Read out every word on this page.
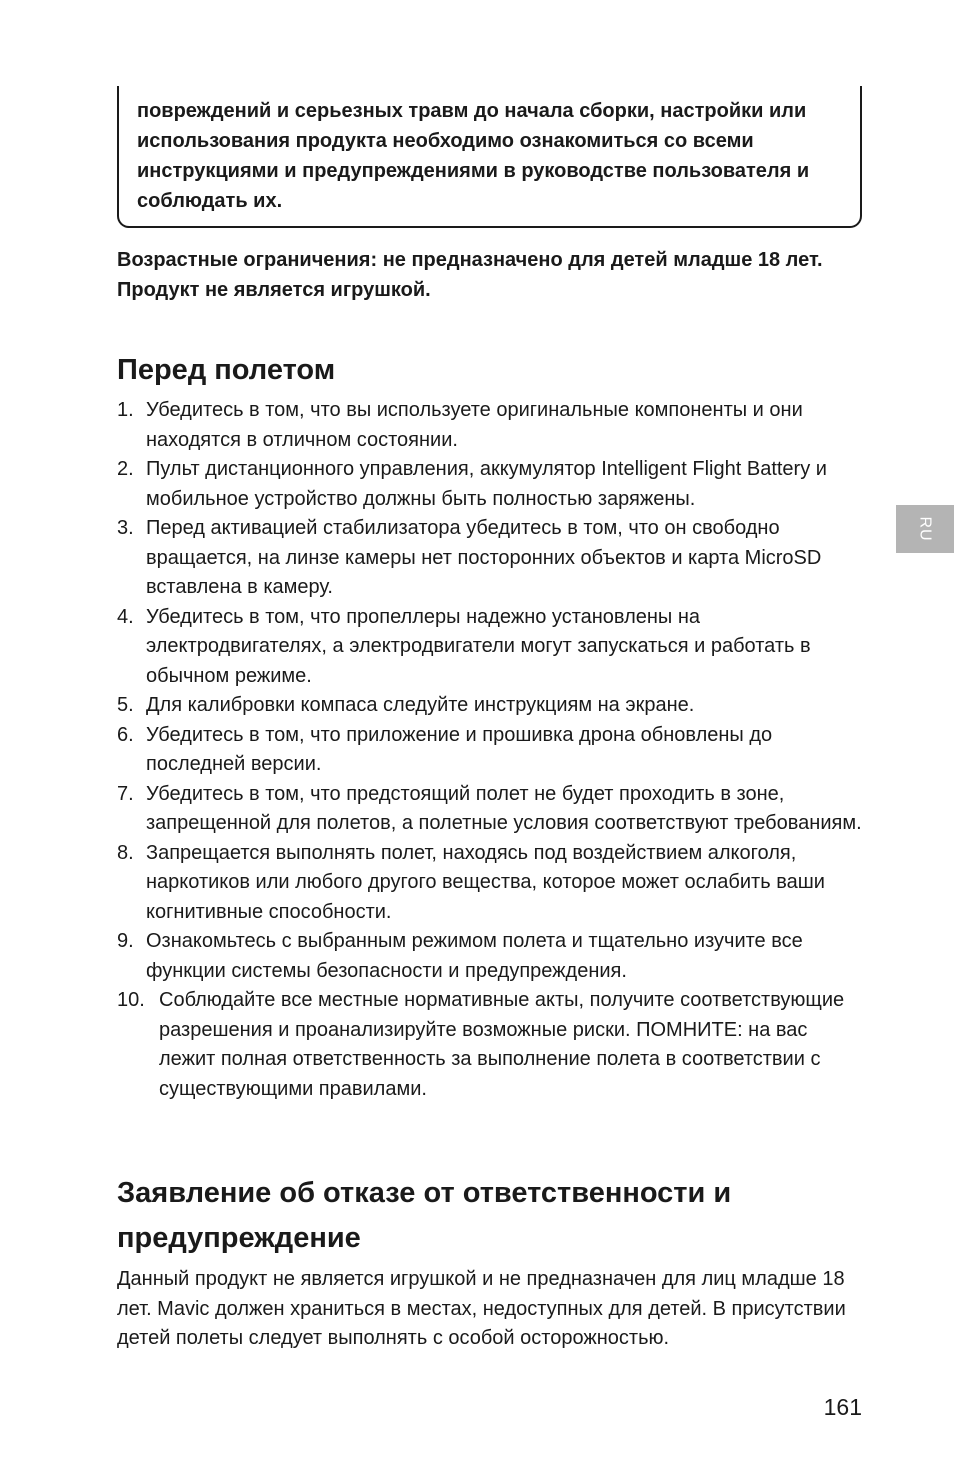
повреждений и серьезных травм до начала сборки, настройки или использования продукта необходимо ознакомиться со всеми инструкциями и предупреждениями в руководстве пользователя и соблюдать их.

Возрастные ограничения: не предназначено для детей младше 18 лет. Продукт не является игрушкой.

Перед полетом
1. Убедитесь в том, что вы используете оригинальные компоненты и они находятся в отличном состоянии.
2. Пульт дистанционного управления, аккумулятор Intelligent Flight Battery и мобильное устройство должны быть полностью заряжены.
3. Перед активацией стабилизатора убедитесь в том, что он свободно вращается, на линзе камеры нет посторонних объектов и карта MicroSD вставлена в камеру.
4. Убедитесь в том, что пропеллеры надежно установлены на электродвигателях, а электродвигатели могут запускаться и работать в обычном режиме.
5. Для калибровки компаса следуйте инструкциям на экране.
6. Убедитесь в том, что приложение и прошивка дрона обновлены до последней версии.
7. Убедитесь в том, что предстоящий полет не будет проходить в зоне, запрещенной для полетов, а полетные условия соответствуют требованиям.
8. Запрещается выполнять полет, находясь под воздействием алкоголя, наркотиков или любого другого вещества, которое может ослабить ваши когнитивные способности.
9. Ознакомьтесь с выбранным режимом полета и тщательно изучите все функции системы безопасности и предупреждения.
10. Соблюдайте все местные нормативные акты, получите соответствующие разрешения и проанализируйте возможные риски. ПОМНИТЕ: на вас лежит полная ответственность за выполнение полета в соответствии с существующими правилами.
Заявление об отказе от ответственности и предупреждение

Данный продукт не является игрушкой и не предназначен для лиц младше 18 лет. Mavic должен храниться в местах, недоступных для детей. В присутствии детей полеты следует выполнять с особой осторожностью.

RU

161
